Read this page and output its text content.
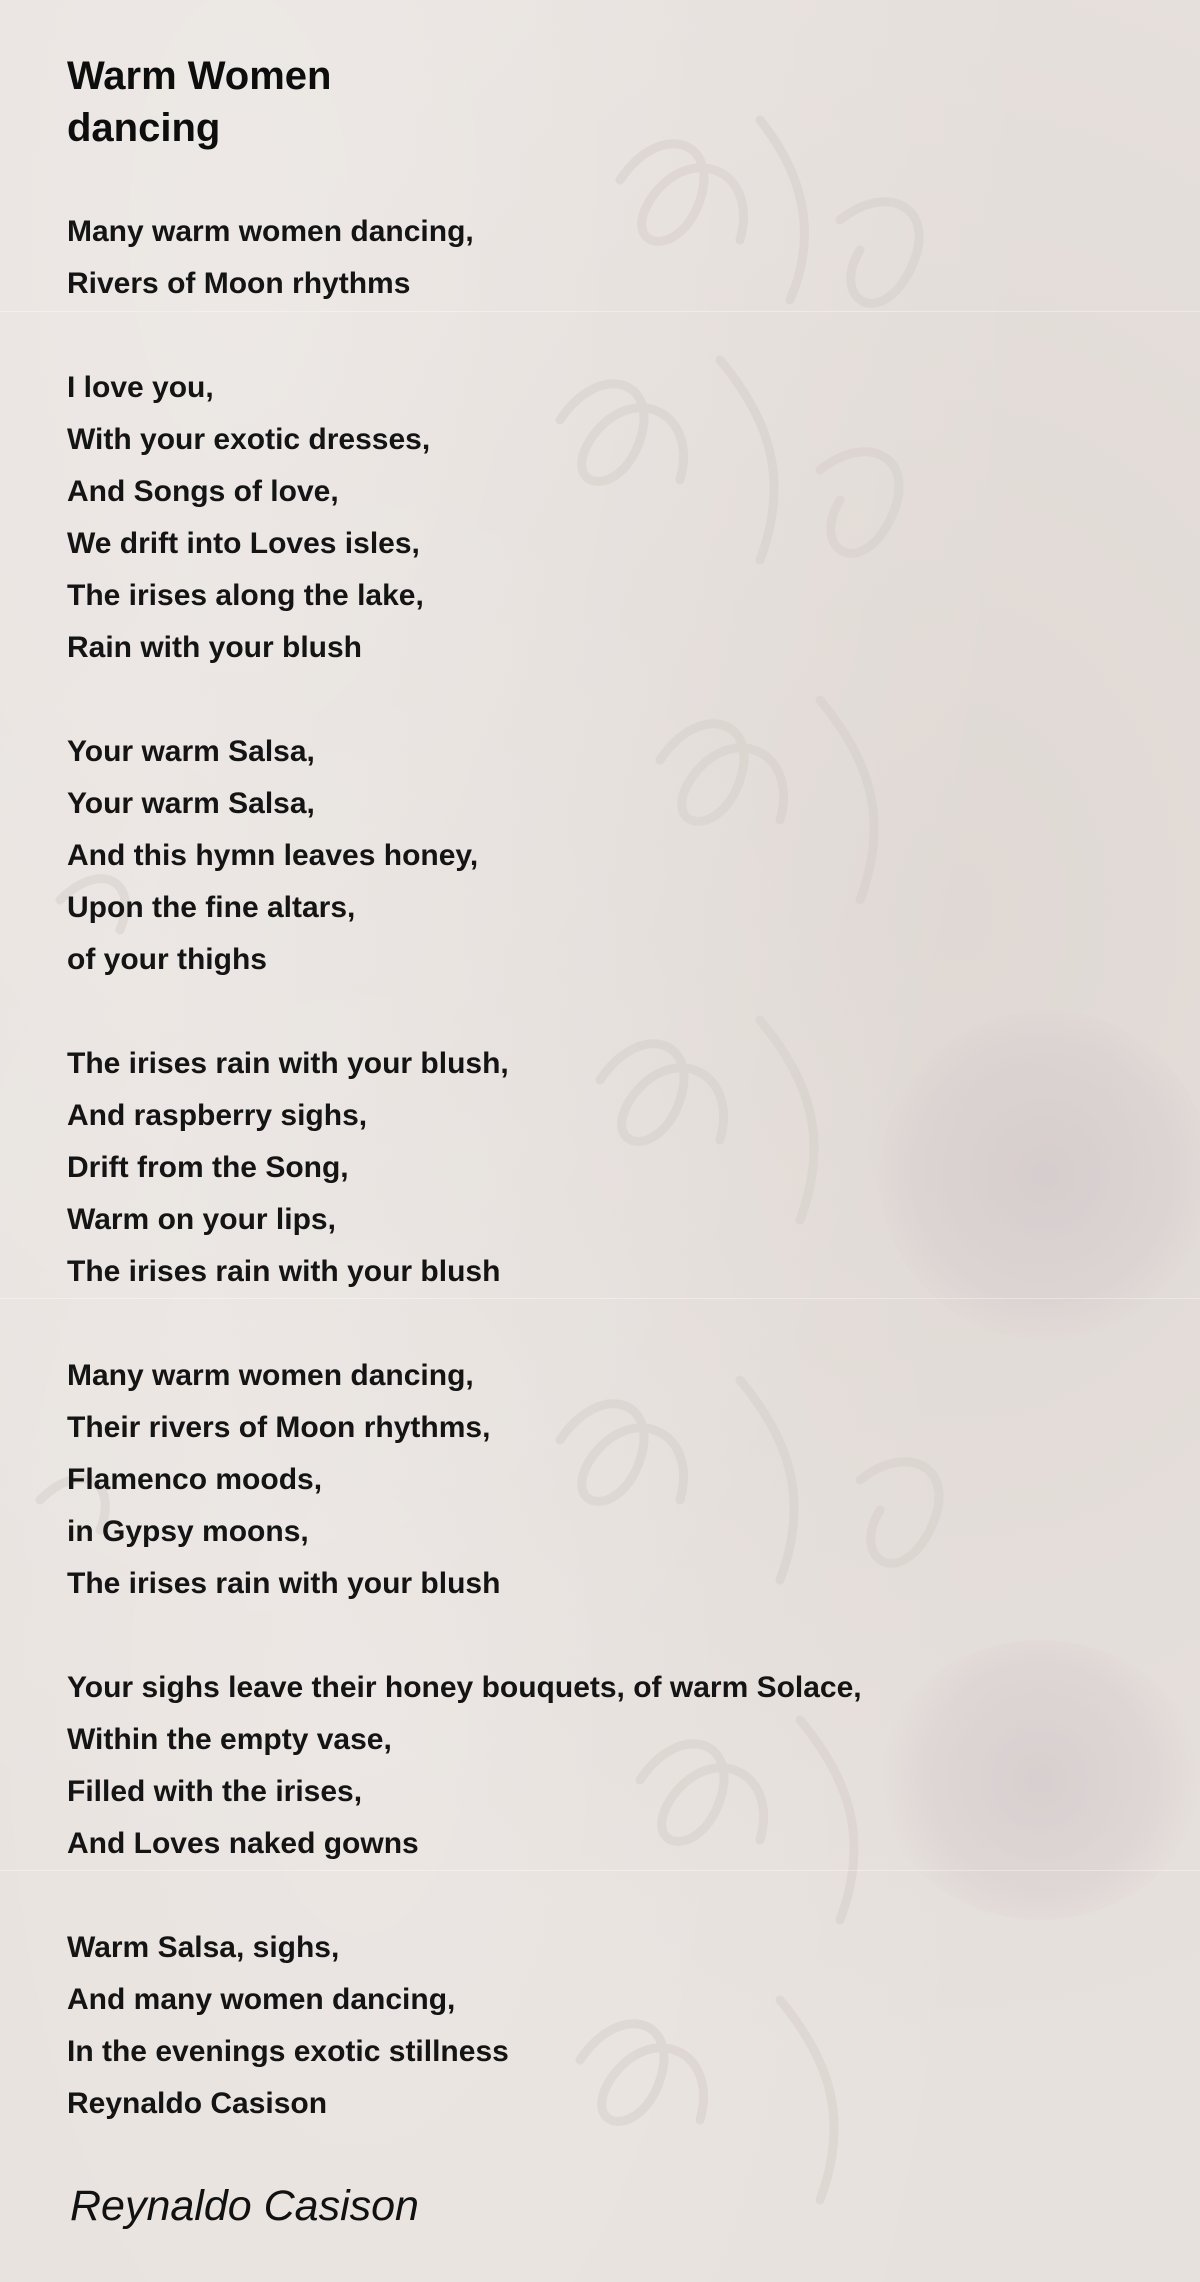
Warm Women dancing
Many warm women dancing,
Rivers of Moon rhythms
I love you,
With your exotic dresses,
And Songs of love,
We drift into Loves isles,
The irises along the lake,
Rain with your blush
Your warm Salsa,
Your warm Salsa,
And this hymn leaves honey,
Upon the fine altars,
of your thighs
The irises rain with your blush,
And raspberry sighs,
Drift from the Song,
Warm on your lips,
The irises rain with your blush
Many warm women dancing,
Their rivers of Moon rhythms,
Flamenco moods,
in Gypsy moons,
The irises rain with your blush
Your sighs leave their honey bouquets, of warm Solace,
Within the empty vase,
Filled with the irises,
And Loves naked gowns
Warm Salsa, sighs,
And many women dancing,
In the evenings exotic stillness
Reynaldo Casison
Reynaldo Casison
